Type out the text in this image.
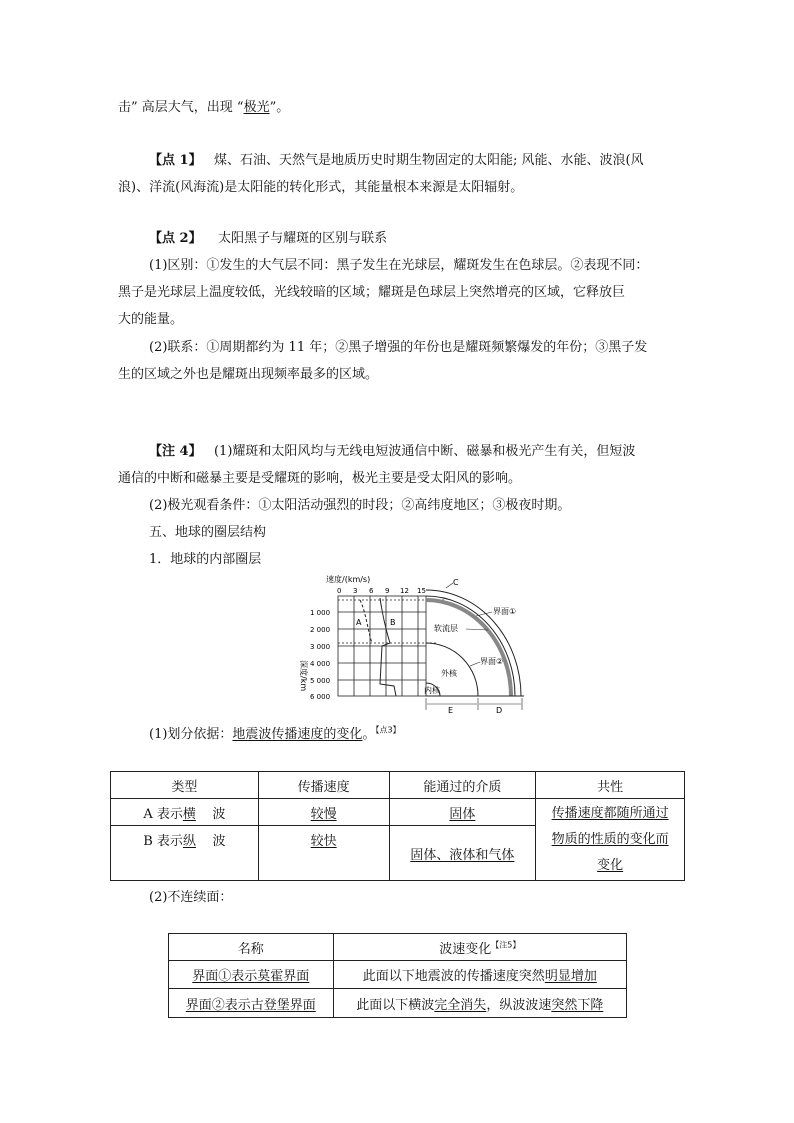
击” 高层大气，出现 “极光”。
【点 1】 煤、石油、天然气是地质历史时期生物固定的太阳能; 风能、水能、波浪(风
浪)、洋流(风海流)是太阳能的转化形式，其能量根本来源是太阳辐射。
【点 2】 太阳黑子与耀斑的区别与联系
(1)区别：①发生的大气层不同：黑子发生在光球层，耀斑发生在色球层。②表现不同：
黑子是光球层上温度较低，光线较暗的区域；耀斑是色球层上突然增亮的区域，它释放巨
大的能量。
(2)联系：①周期都约为 11 年；②黑子增强的年份也是耀斑频繁爆发的年份；③黑子发
生的区域之外也是耀斑出现频率最多的区域。
【注 4】 (1)耀斑和太阳风均与无线电短波通信中断、磁暴和极光产生有关，但短波
通信的中断和磁暴主要是受耀斑的影响，极光主要是受太阳风的影响。
(2)极光观看条件：①太阳活动强烈的时段；②高纬度地区；③极夜时期。
五、地球的圈层结构
1．地球的内部圈层
速度/(km/s)
0 3 6 9 12 15
1 000
2 000
3 000
4 000
5 000
6 000
深度/km
A	B
C
界面①
软流层
界面②
外核
内核
E	D
(1)划分依据：地震波传播速度的变化。$^{【点3】}$
类型	传播速度	能通过的介质	共性
A 表示横 波	较慢	固体	传播速度都随所通过
物质的性质的变化而
变化
B 表示纵 波	较快	固体、液体和气体	
(2)不连续面：
名称	波速变化$^{【注5】}$
界面①表示莫霍界面	此面以下地震波的传播速度突然明显增加
界面②表示古登堡界面	此面以下横波完全消失，纵波波速突然下降
